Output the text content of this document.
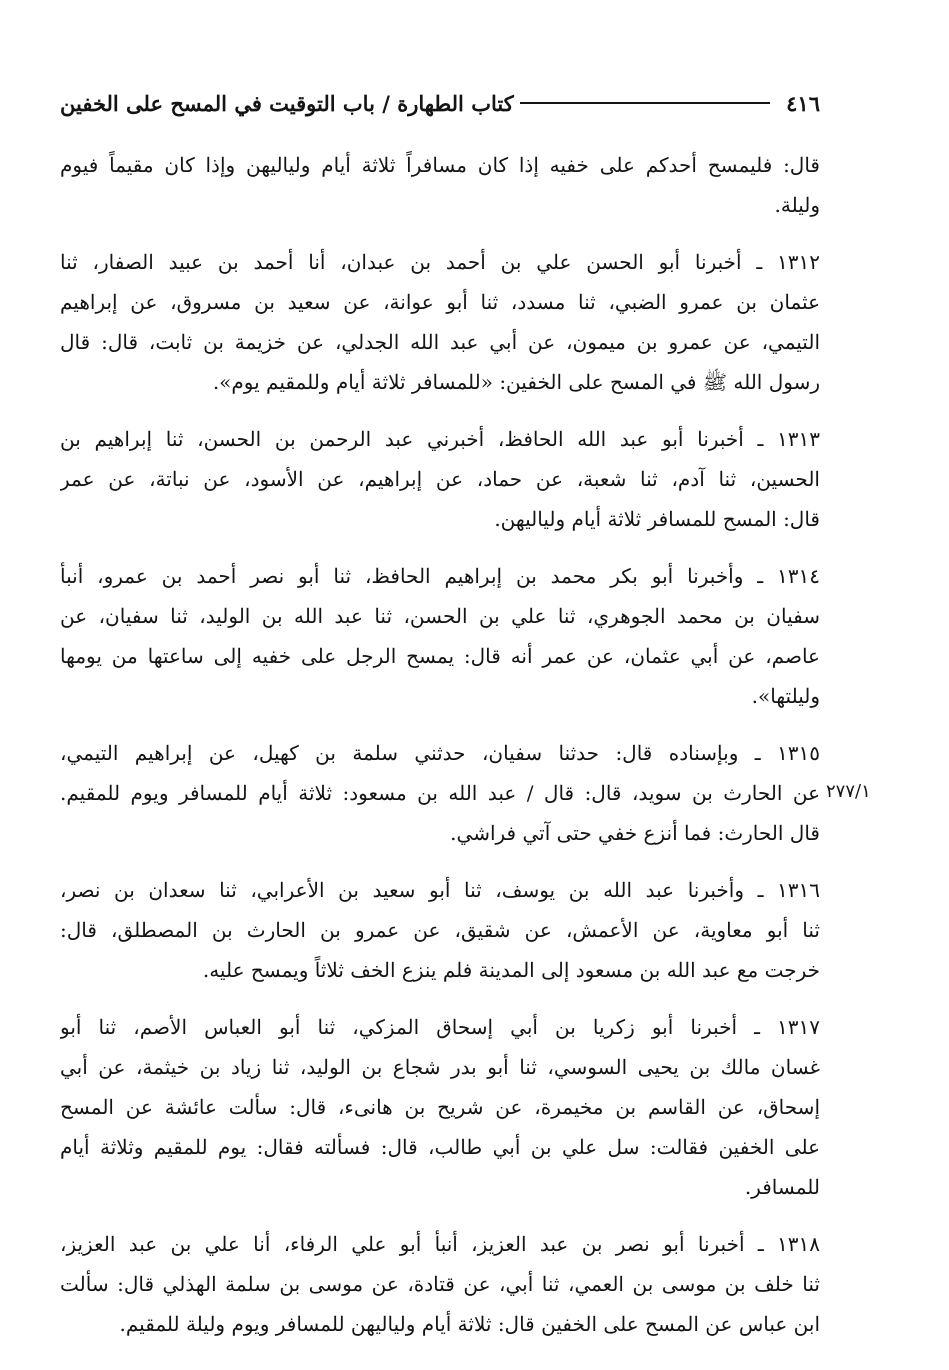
٤١٦
كتاب الطهارة / باب التوقيت في المسح على الخفين
قال: فليمسح أحدكم على خفيه إذا كان مسافراً ثلاثة أيام ولياليهن وإذا كان مقيماً فيوم
وليلة.
١٣١٢ ـ أخبرنا أبو الحسن علي بن أحمد بن عبدان، أنا أحمد بن عبيد الصفار، ثنا
عثمان بن عمرو الضبي، ثنا مسدد، ثنا أبو عوانة، عن سعيد بن مسروق، عن إبراهيم
التيمي، عن عمرو بن ميمون، عن أبي عبد الله الجدلي، عن خزيمة بن ثابت، قال: قال
رسول الله ﷺ في المسح على الخفين: «للمسافر ثلاثة أيام وللمقيم يوم».
١٣١٣ ـ أخبرنا أبو عبد الله الحافظ، أخبرني عبد الرحمن بن الحسن، ثنا إبراهيم بن
الحسين، ثنا آدم، ثنا شعبة، عن حماد، عن إبراهيم، عن الأسود، عن نباتة، عن عمر
قال: المسح للمسافر ثلاثة أيام ولياليهن.
١٣١٤ ـ وأخبرنا أبو بكر محمد بن إبراهيم الحافظ، ثنا أبو نصر أحمد بن عمرو، أنبأ
سفيان بن محمد الجوهري، ثنا علي بن الحسن، ثنا عبد الله بن الوليد، ثنا سفيان، عن
عاصم، عن أبي عثمان، عن عمر أنه قال: يمسح الرجل على خفيه إلى ساعتها من يومها
وليلتها».
١٣١٥ ـ وبإسناده قال: حدثنا سفيان، حدثني سلمة بن كهيل، عن إبراهيم التيمي،
عن الحارث بن سويد، قال: قال / عبد الله بن مسعود: ثلاثة أيام للمسافر ويوم للمقيم.
قال الحارث: فما أنزع خفي حتى آتي فراشي.
١٣١٦ ـ وأخبرنا عبد الله بن يوسف، ثنا أبو سعيد بن الأعرابي، ثنا سعدان بن نصر،
ثنا أبو معاوية، عن الأعمش، عن شقيق، عن عمرو بن الحارث بن المصطلق، قال:
خرجت مع عبد الله بن مسعود إلى المدينة فلم ينزع الخف ثلاثاً ويمسح عليه.
١٣١٧ ـ أخبرنا أبو زكريا بن أبي إسحاق المزكي، ثنا أبو العباس الأصم، ثنا أبو
غسان مالك بن يحيى السوسي، ثنا أبو بدر شجاع بن الوليد، ثنا زياد بن خيثمة، عن أبي
إسحاق، عن القاسم بن مخيمرة، عن شريح بن هانىء، قال: سألت عائشة عن المسح
على الخفين فقالت: سل علي بن أبي طالب، قال: فسألته فقال: يوم للمقيم وثلاثة أيام
للمسافر.
١٣١٨ ـ أخبرنا أبو نصر بن عبد العزيز، أنبأ أبو علي الرفاء، أنا علي بن عبد العزيز،
ثنا خلف بن موسى بن العمي، ثنا أبي، عن قتادة، عن موسى بن سلمة الهذلي قال: سألت
ابن عباس عن المسح على الخفين قال: ثلاثة أيام ولياليهن للمسافر ويوم وليلة للمقيم.
٢٧٧/١
